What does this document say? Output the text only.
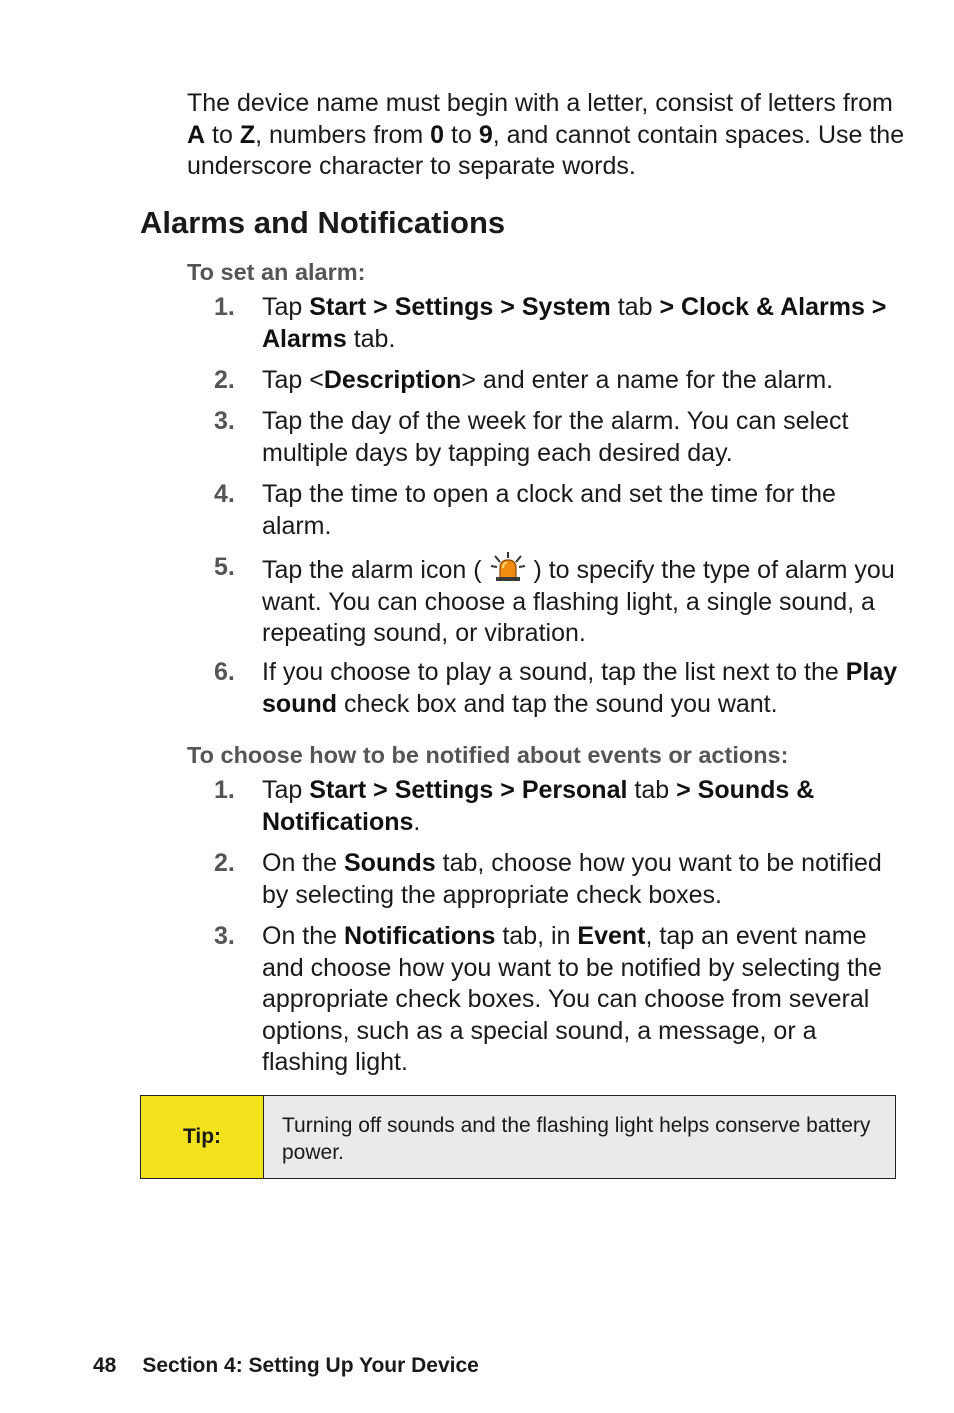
The device name must begin with a letter, consist of letters from A to Z, numbers from 0 to 9, and cannot contain spaces. Use the underscore character to separate words.
Alarms and Notifications
To set an alarm:
1.	Tap Start > Settings > System tab > Clock & Alarms > Alarms tab.
2.	Tap <Description> and enter a name for the alarm.
3.	Tap the day of the week for the alarm. You can select multiple days by tapping each desired day.
4.	Tap the time to open a clock and set the time for the alarm.
5.	Tap the alarm icon (  ) to specify the type of alarm you want. You can choose a flashing light, a single sound, a repeating sound, or vibration.
6.	If you choose to play a sound, tap the list next to the Play sound check box and tap the sound you want.
To choose how to be notified about events or actions:
1.	Tap Start > Settings > Personal tab > Sounds & Notifications.
2.	On the Sounds tab, choose how you want to be notified by selecting the appropriate check boxes.
3.	On the Notifications tab, in Event, tap an event name and choose how you want to be notified by selecting the appropriate check boxes. You can choose from several options, such as a special sound, a message, or a flashing light.
Tip:	Turning off sounds and the flashing light helps conserve battery power.
48 Section 4: Setting Up Your Device
